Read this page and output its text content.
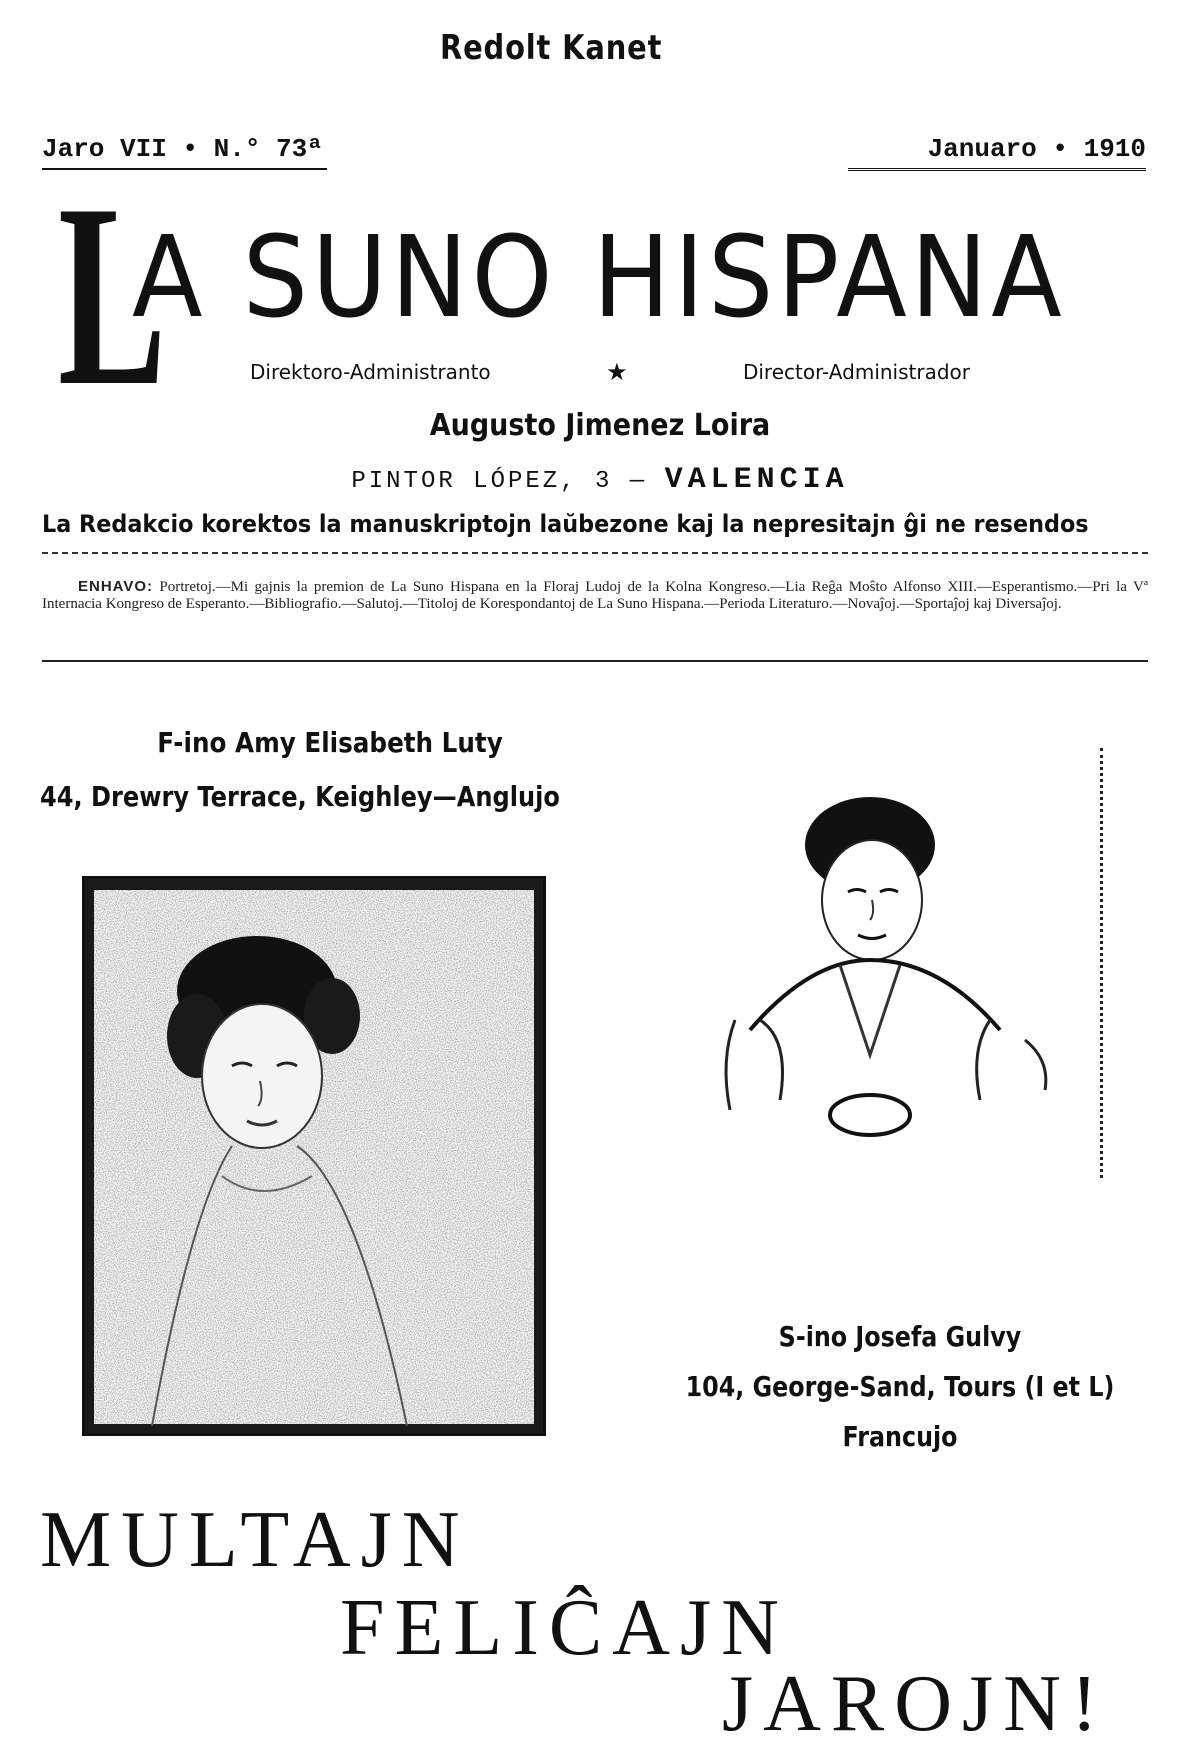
Redolt Kanet
Jaro VII • N.° 73ª	Januaro • 1910
L
A SUNO HISPANA
Direktoro-Administranto	★	Director-Administrador
Augusto Jimenez Loira
PINTOR LÓPEZ, 3 — VALENCIA
La Redakcio korektos la manuskriptojn laŭbezone kaj la nepresitajn ĝi ne resendos
ENHAVO: Portretoj.—Mi gajnis la premion de La Suno Hispana en la Floraj Ludoj de la Kolna Kongreso.—Lia Reĝa Moŝto Alfonso XIII.—Esperantismo.—Pri la Vª Internacia Kongreso de Esperanto.—Bibliografio.—Salutoj.—Titoloj de Korespondantoj de La Suno Hispana.—Perioda Literaturo.—Novaĵoj.—Sportaĵoj kaj Diversaĵoj.
F-ino Amy Elisabeth Luty
44, Drewry Terrace, Keighley—Anglujo
S-ino Josefa Gulvy
104, George-Sand, Tours (I et L)
Francujo
MULTAJN
FELIĈAJN
JAROJN!
